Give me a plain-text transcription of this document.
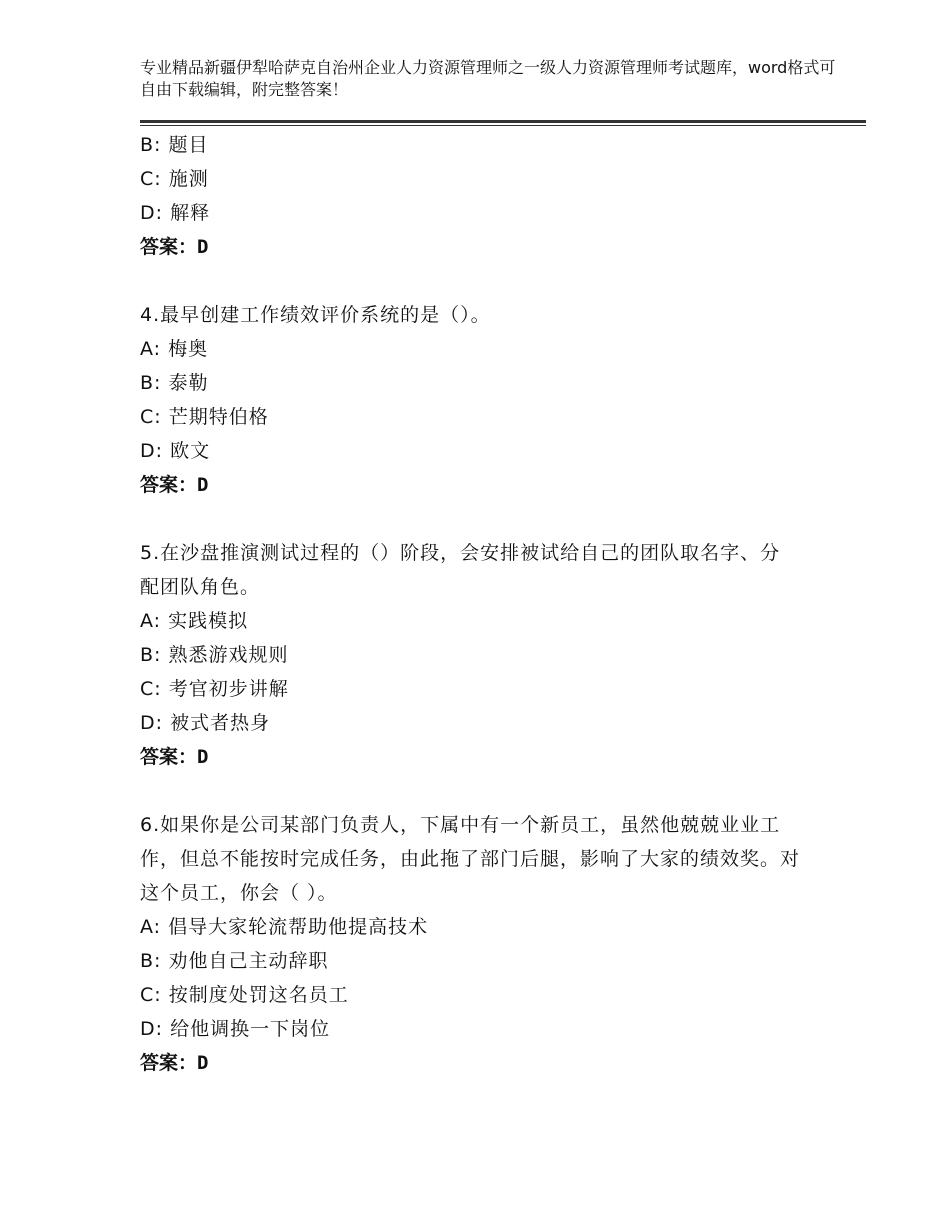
专业精品新疆伊犁哈萨克自治州企业人力资源管理师之一级人力资源管理师考试题库，word格式可自由下载编辑，附完整答案！
B: 题目
C: 施测
D: 解释
答案：D
4.最早创建工作绩效评价系统的是（）。
A: 梅奥
B: 泰勒
C: 芒期特伯格
D: 欧文
答案：D
5.在沙盘推演测试过程的（）阶段，会安排被试给自己的团队取名字、分配团队角色。
A: 实践模拟
B: 熟悉游戏规则
C: 考官初步讲解
D: 被式者热身
答案：D
6.如果你是公司某部门负责人，下属中有一个新员工，虽然他兢兢业业工作，但总不能按时完成任务，由此拖了部门后腿，影响了大家的绩效奖。对这个员工，你会（ ）。
A: 倡导大家轮流帮助他提高技术
B: 劝他自己主动辞职
C: 按制度处罚这名员工
D: 给他调换一下岗位
答案：D
